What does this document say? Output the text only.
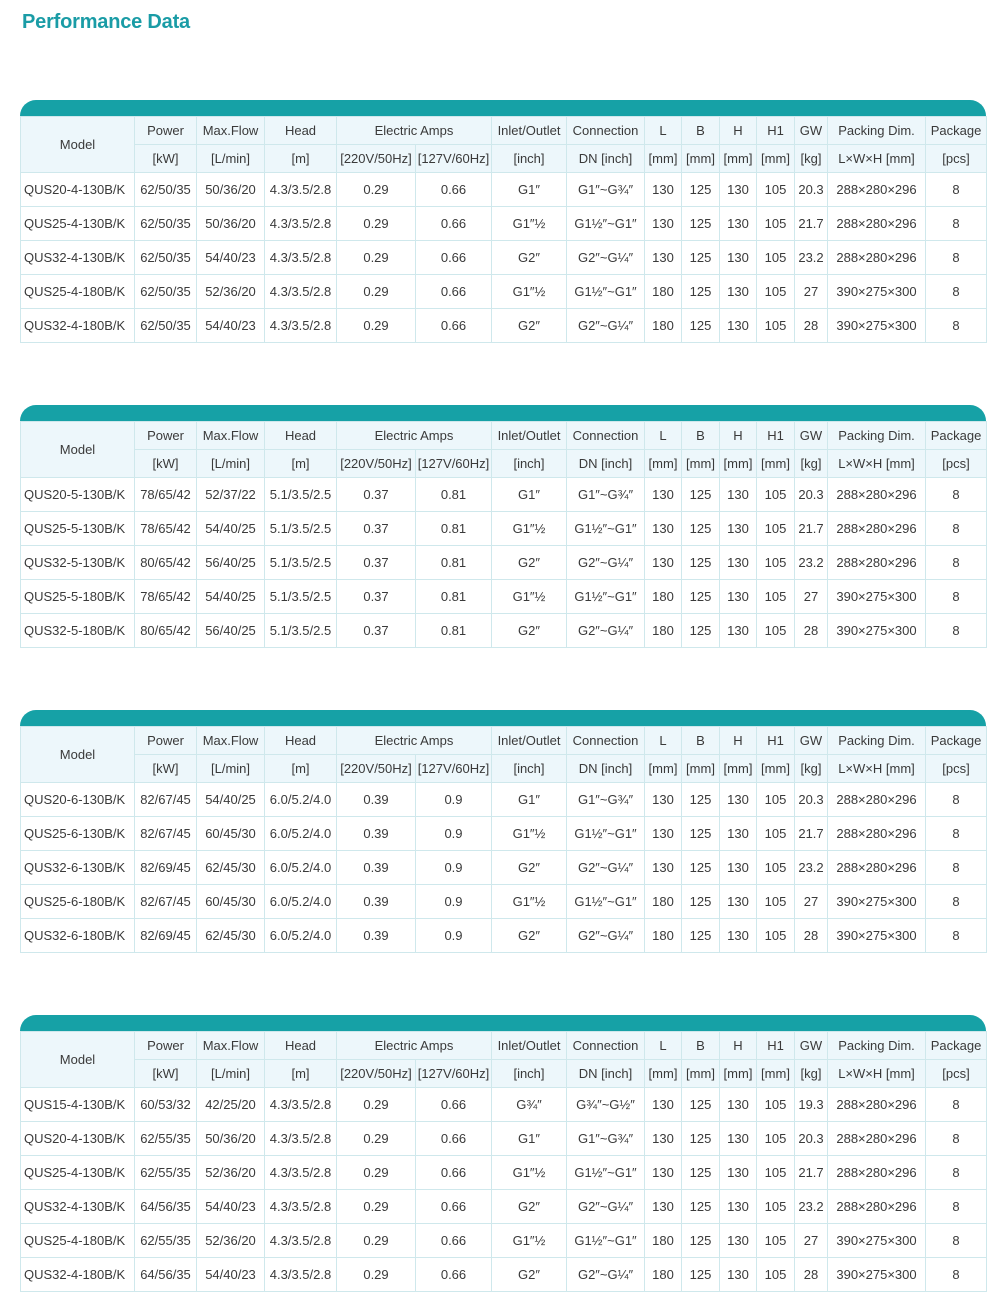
Performance Data
Model	Power	Max.Flow	Head	Electric Amps		Inlet/Outlet	Connection	L	B	H	H1	GW	Packing Dim.	Package
	[kW]	[L/min]	[m]	[220V/50Hz]	[127V/60Hz]	[inch]	DN [inch]	[mm]	[mm]	[mm]	[mm]	[kg]	L×W×H [mm]	[pcs]
QUS20-4-130B/K	62/50/35	50/36/20	4.3/3.5/2.8	0.29	0.66	G1″	G1″~G¾″	130	125	130	105	20.3	288×280×296	8
QUS25-4-130B/K	62/50/35	50/36/20	4.3/3.5/2.8	0.29	0.66	G1″½	G1½″~G1″	130	125	130	105	21.7	288×280×296	8
QUS32-4-130B/K	62/50/35	54/40/23	4.3/3.5/2.8	0.29	0.66	G2″	G2″~G¼″	130	125	130	105	23.2	288×280×296	8
QUS25-4-180B/K	62/50/35	52/36/20	4.3/3.5/2.8	0.29	0.66	G1″½	G1½″~G1″	180	125	130	105	27	390×275×300	8
QUS32-4-180B/K	62/50/35	54/40/23	4.3/3.5/2.8	0.29	0.66	G2″	G2″~G¼″	180	125	130	105	28	390×275×300	8
Model	Power	Max.Flow	Head	Electric Amps		Inlet/Outlet	Connection	L	B	H	H1	GW	Packing Dim.	Package
	[kW]	[L/min]	[m]	[220V/50Hz]	[127V/60Hz]	[inch]	DN [inch]	[mm]	[mm]	[mm]	[mm]	[kg]	L×W×H [mm]	[pcs]
QUS20-5-130B/K	78/65/42	52/37/22	5.1/3.5/2.5	0.37	0.81	G1″	G1″~G¾″	130	125	130	105	20.3	288×280×296	8
QUS25-5-130B/K	78/65/42	54/40/25	5.1/3.5/2.5	0.37	0.81	G1″½	G1½″~G1″	130	125	130	105	21.7	288×280×296	8
QUS32-5-130B/K	80/65/42	56/40/25	5.1/3.5/2.5	0.37	0.81	G2″	G2″~G¼″	130	125	130	105	23.2	288×280×296	8
QUS25-5-180B/K	78/65/42	54/40/25	5.1/3.5/2.5	0.37	0.81	G1″½	G1½″~G1″	180	125	130	105	27	390×275×300	8
QUS32-5-180B/K	80/65/42	56/40/25	5.1/3.5/2.5	0.37	0.81	G2″	G2″~G¼″	180	125	130	105	28	390×275×300	8
Model	Power	Max.Flow	Head	Electric Amps		Inlet/Outlet	Connection	L	B	H	H1	GW	Packing Dim.	Package
	[kW]	[L/min]	[m]	[220V/50Hz]	[127V/60Hz]	[inch]	DN [inch]	[mm]	[mm]	[mm]	[mm]	[kg]	L×W×H [mm]	[pcs]
QUS20-6-130B/K	82/67/45	54/40/25	6.0/5.2/4.0	0.39	0.9	G1″	G1″~G¾″	130	125	130	105	20.3	288×280×296	8
QUS25-6-130B/K	82/67/45	60/45/30	6.0/5.2/4.0	0.39	0.9	G1″½	G1½″~G1″	130	125	130	105	21.7	288×280×296	8
QUS32-6-130B/K	82/69/45	62/45/30	6.0/5.2/4.0	0.39	0.9	G2″	G2″~G¼″	130	125	130	105	23.2	288×280×296	8
QUS25-6-180B/K	82/67/45	60/45/30	6.0/5.2/4.0	0.39	0.9	G1″½	G1½″~G1″	180	125	130	105	27	390×275×300	8
QUS32-6-180B/K	82/69/45	62/45/30	6.0/5.2/4.0	0.39	0.9	G2″	G2″~G¼″	180	125	130	105	28	390×275×300	8
Model	Power	Max.Flow	Head	Electric Amps		Inlet/Outlet	Connection	L	B	H	H1	GW	Packing Dim.	Package
	[kW]	[L/min]	[m]	[220V/50Hz]	[127V/60Hz]	[inch]	DN [inch]	[mm]	[mm]	[mm]	[mm]	[kg]	L×W×H [mm]	[pcs]
QUS15-4-130B/K	60/53/32	42/25/20	4.3/3.5/2.8	0.29	0.66	G¾″	G¾″~G½″	130	125	130	105	19.3	288×280×296	8
QUS20-4-130B/K	62/55/35	50/36/20	4.3/3.5/2.8	0.29	0.66	G1″	G1″~G¾″	130	125	130	105	20.3	288×280×296	8
QUS25-4-130B/K	62/55/35	52/36/20	4.3/3.5/2.8	0.29	0.66	G1″½	G1½″~G1″	130	125	130	105	21.7	288×280×296	8
QUS32-4-130B/K	64/56/35	54/40/23	4.3/3.5/2.8	0.29	0.66	G2″	G2″~G¼″	130	125	130	105	23.2	288×280×296	8
QUS25-4-180B/K	62/55/35	52/36/20	4.3/3.5/2.8	0.29	0.66	G1″½	G1½″~G1″	180	125	130	105	27	390×275×300	8
QUS32-4-180B/K	64/56/35	54/40/23	4.3/3.5/2.8	0.29	0.66	G2″	G2″~G¼″	180	125	130	105	28	390×275×300	8
